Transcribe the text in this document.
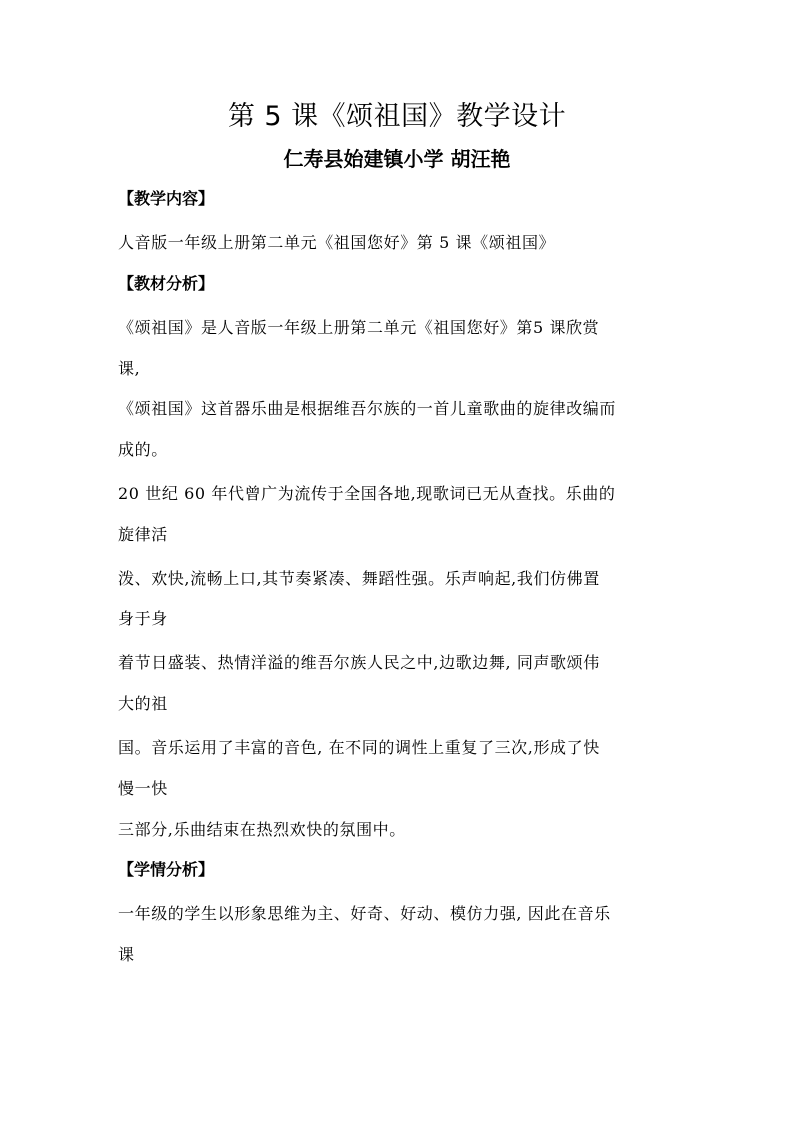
第 5 课《颂祖国》教学设计
仁寿县始建镇小学 胡汪艳
【教学内容】
人音版一年级上册第二单元《祖国您好》第 5 课《颂祖国》
【教材分析】
《颂祖国》是人音版一年级上册第二单元《祖国您好》第5 课欣赏
课,
《颂祖国》这首器乐曲是根据维吾尔族的一首儿童歌曲的旋律改编而
成的。
20 世纪 60 年代曾广为流传于全国各地,现歌词已无从查找。乐曲的
旋律活
泼、欢快,流畅上口,其节奏紧凑、舞蹈性强。乐声响起,我们仿佛置
身于身
着节日盛装、热情洋溢的维吾尔族人民之中,边歌边舞, 同声歌颂伟
大的祖
国。音乐运用了丰富的音色, 在不同的调性上重复了三次,形成了快
慢一快
三部分,乐曲结束在热烈欢快的氛围中。
【学情分析】
一年级的学生以形象思维为主、好奇、好动、模仿力强, 因此在音乐
课
